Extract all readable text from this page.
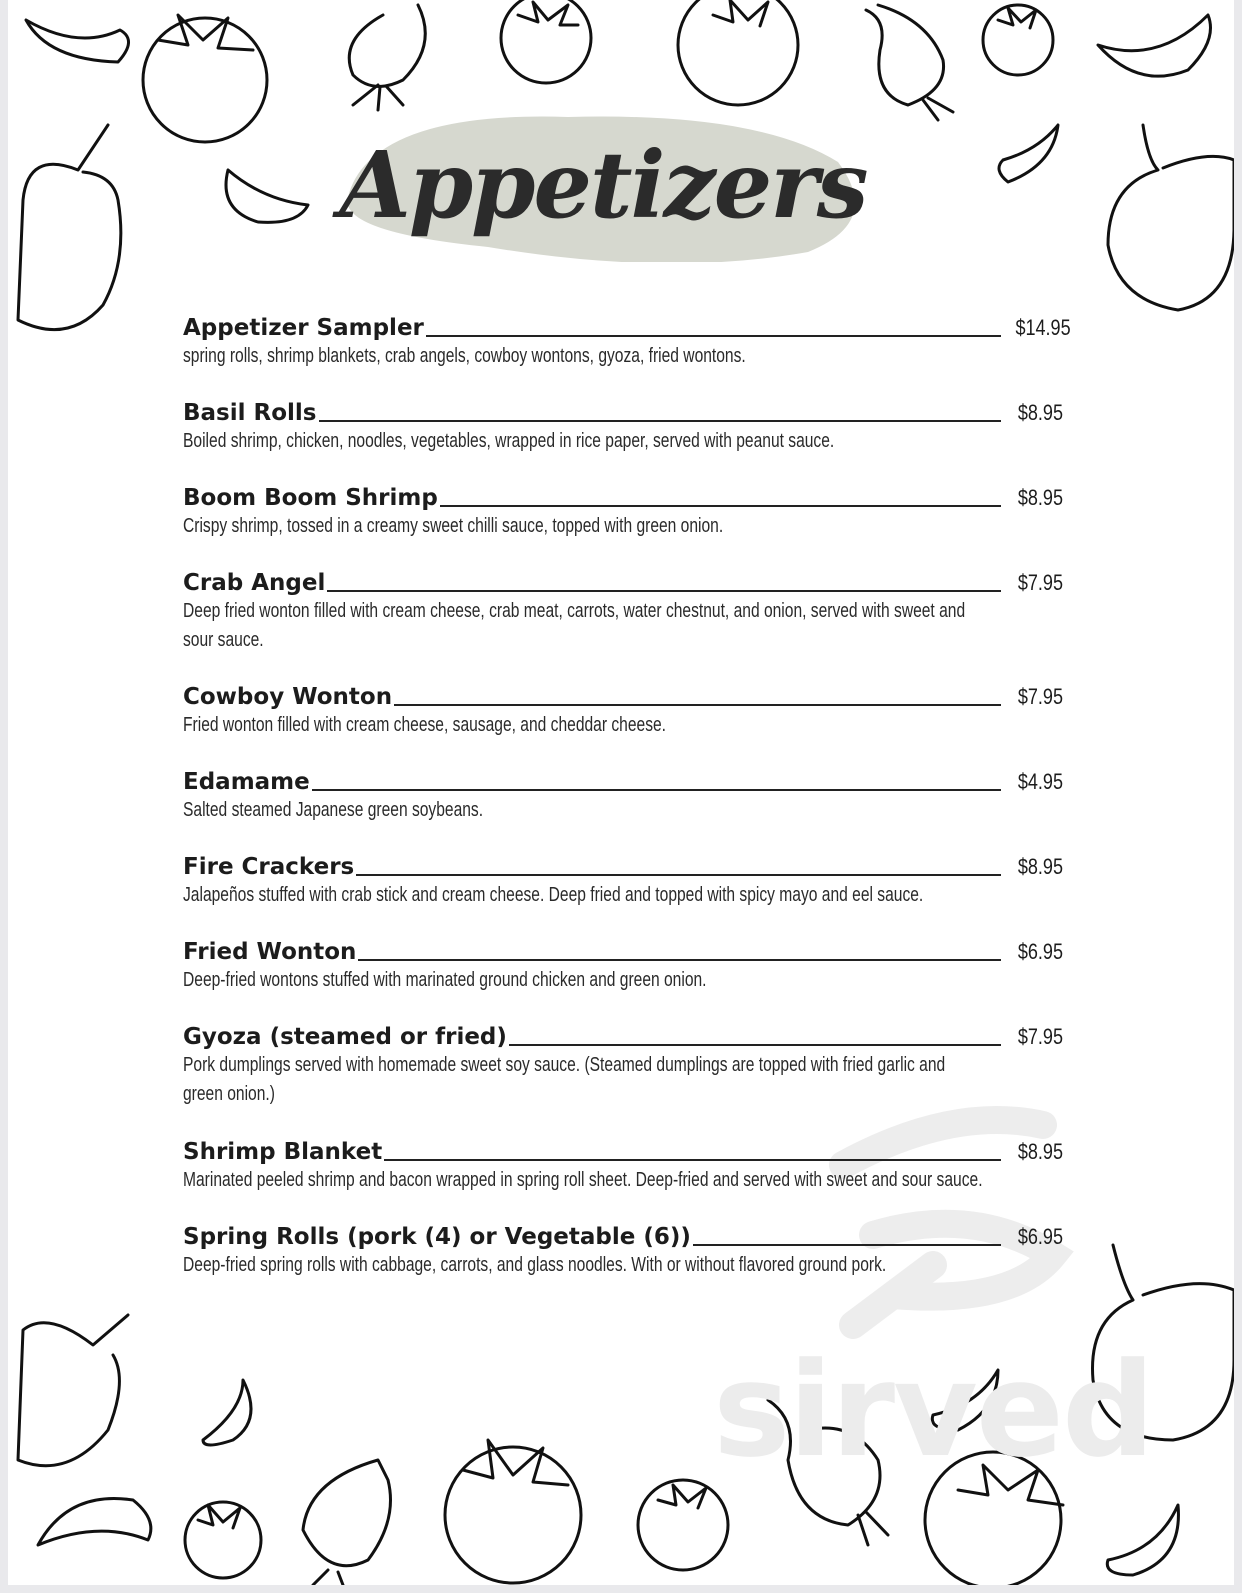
sirved
Appetizers
Appetizer Sampler	$14.95
spring rolls, shrimp blankets, crab angels, cowboy wontons, gyoza, fried wontons.
Basil Rolls	$8.95
Boiled shrimp, chicken, noodles, vegetables, wrapped in rice paper, served with peanut sauce.
Boom Boom Shrimp	$8.95
Crispy shrimp, tossed in a creamy sweet chilli sauce, topped with green onion.
Crab Angel	$7.95
Deep fried wonton filled with cream cheese, crab meat, carrots, water chestnut, and onion, served with sweet and
sour sauce.
Cowboy Wonton	$7.95
Fried wonton filled with cream cheese, sausage, and cheddar cheese.
Edamame	$4.95
Salted steamed Japanese green soybeans.
Fire Crackers	$8.95
Jalapeños stuffed with crab stick and cream cheese. Deep fried and topped with spicy mayo and eel sauce.
Fried Wonton	$6.95
Deep-fried wontons stuffed with marinated ground chicken and green onion.
Gyoza (steamed or fried)	$7.95
Pork dumplings served with homemade sweet soy sauce. (Steamed dumplings are topped with fried garlic and
green onion.)
Shrimp Blanket	$8.95
Marinated peeled shrimp and bacon wrapped in spring roll sheet. Deep-fried and served with sweet and sour sauce.
Spring Rolls (pork (4) or Vegetable (6))	$6.95
Deep-fried spring rolls with cabbage, carrots, and glass noodles. With or without flavored ground pork.
